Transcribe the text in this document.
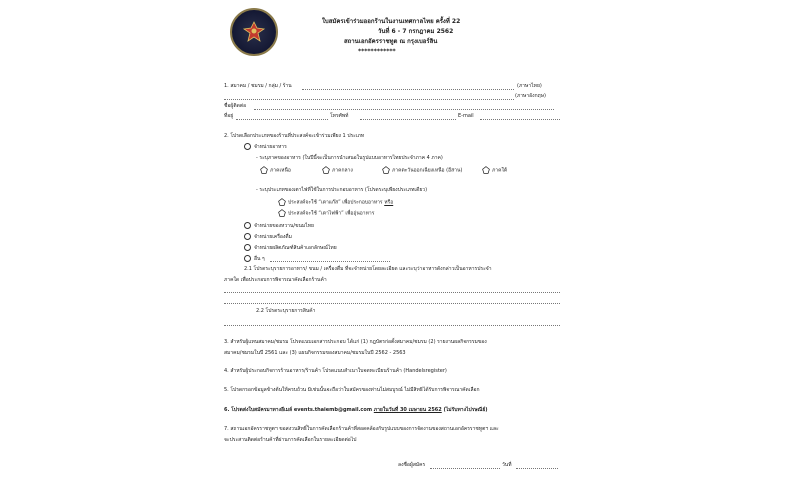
ใบสมัครเข้าร่วมออกร้านในงานเทศกาลไทย ครั้งที่ 22
วันที่ 6 - 7 กรกฎาคม 2562
สถานเอกอัครราชทูต ณ กรุงเบอร์ลิน
************
1. สมาคม / ชมรม / กลุ่ม / ร้าน	(ภาษาไทย)
(ภาษาอังกฤษ)
ชื่อผู้ติดต่อ
ที่อยู่	โทรศัพท์	E-mail
2. โปรดเลือกประเภทของร้านที่ประสงค์จะเข้าร่วมเพียง 1 ประเภท
จำหน่ายอาหาร
- ระบุภาคของอาหาร (ในปีนี้จะเป็นการนำเสนอในรูปแบบอาหารไทยประจำภาค 4 ภาค)
ภาคเหนือ	ภาคกลาง	ภาคตะวันออกเฉียงเหนือ (อีสาน)	ภาคใต้
- ระบุประเภทของเตาไฟที่ใช้ในการประกอบอาหาร (โปรดระบุเพียงประเภทเดียว)
ประสงค์จะใช้ “เตาแก๊ส” เพื่อประกอบอาหาร หรือ
ประสงค์จะใช้ “เตาไฟฟ้า” เพื่ออุ่นอาหาร
จำหน่ายของหวาน/ขนมไทย
จำหน่ายเครื่องดื่ม
จำหน่ายผลิตภัณฑ์สินค้าเอกลักษณ์ไทย
อื่น ๆ
2.1 โปรดระบุรายการอาหาร/ ขนม / เครื่องดื่ม ที่จะจำหน่ายโดยละเอียด และระบุว่าอาหารดังกล่าวเป็นอาหารประจำ
ภาคใด เพื่อประกอบการพิจารณาคัดเลือกร้านค้า
2.2 โปรดระบุรายการสินค้า
3. สำหรับผู้แทนสมาคม/ชมรม โปรดแนบเอกสารประกอบ ได้แก่ (1) กฎบัตรก่อตั้งสมาคม/ชมรม (2) รายงานผลกิจกรรมของ
สมาคม/ชมรมในปี 2561 และ (3) แผนกิจกรรมของสมาคม/ชมรมในปี 2562 - 2563
4. สำหรับผู้ประกอบกิจการร้านอาหาร/ร้านค้า โปรดแนบสำเนาใบจดทะเบียนร้านค้า (Handelsregister)
5. โปรดกรอกข้อมูลข้างต้นให้ครบถ้วน มิเช่นนั้นจะถือว่าใบสมัครของท่านไม่สมบูรณ์ ไม่มีสิทธิได้รับการพิจารณาคัดเลือก
6. โปรดส่งใบสมัครมาทางอีเมล์ events.thaiemb@gmail.com ภายในวันที่ 30 เมษายน 2562 (ไม่รับทางไปรษณีย์)
7. สถานเอกอัครราชทูตฯ ขอสงวนสิทธิ์ในการคัดเลือกร้านค้าที่สอดคล้องกับรูปแบบของการจัดงานของสถานเอกอัครราชทูตฯ และ
จะประสานติดต่อร้านค้าที่ผ่านการคัดเลือกในรายละเอียดต่อไป
ลงชื่อผู้สมัคร	วันที่
